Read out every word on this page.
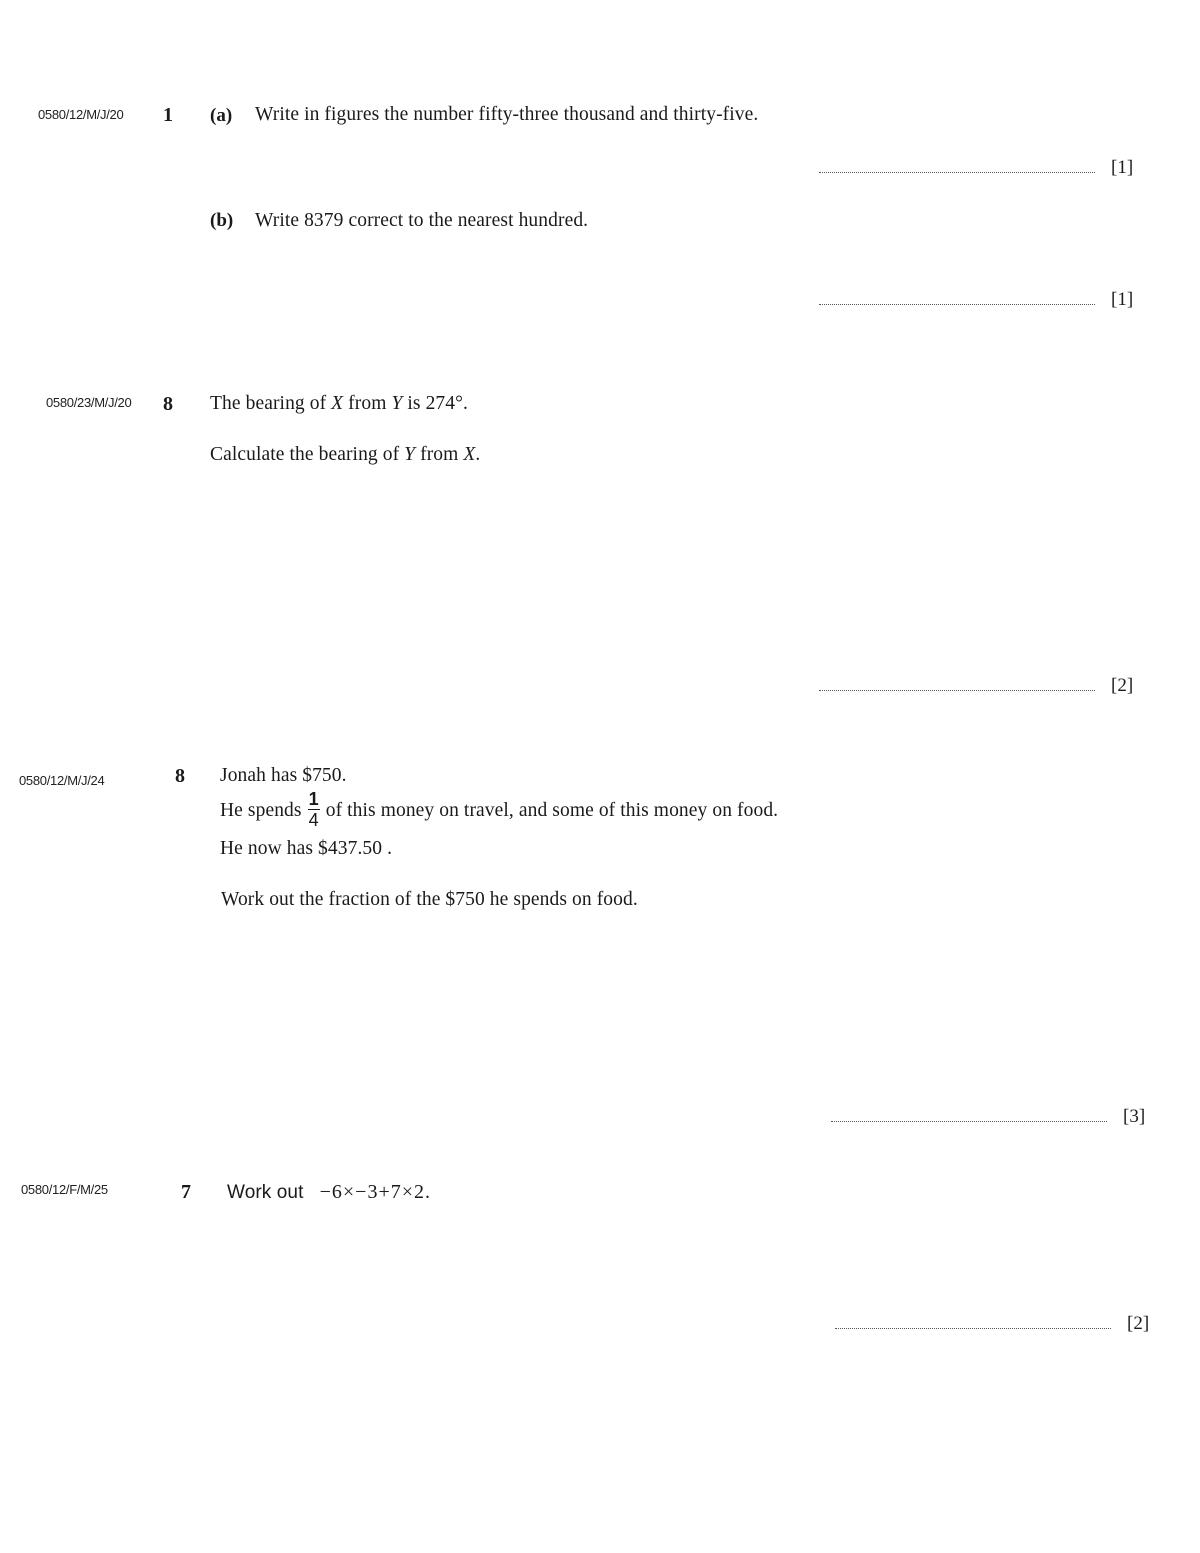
0580/12/M/J/20 1 (a) Write in figures the number fifty-three thousand and thirty-five.
[1]
(b) Write 8379 correct to the nearest hundred.
[1]
0580/23/M/J/20 8 The bearing of X from Y is 274°.
Calculate the bearing of Y from X.
[2]
0580/12/M/J/24	8 Jonah has $750.
He spends $\frac{1}{4}$ of this money on travel, and some of this money on food.
He now has $437.50 .
Work out the fraction of the $750 he spends on food.
[3]
0580/12/F/M/25	7 Work out −6×−3+7×2.
[2]
